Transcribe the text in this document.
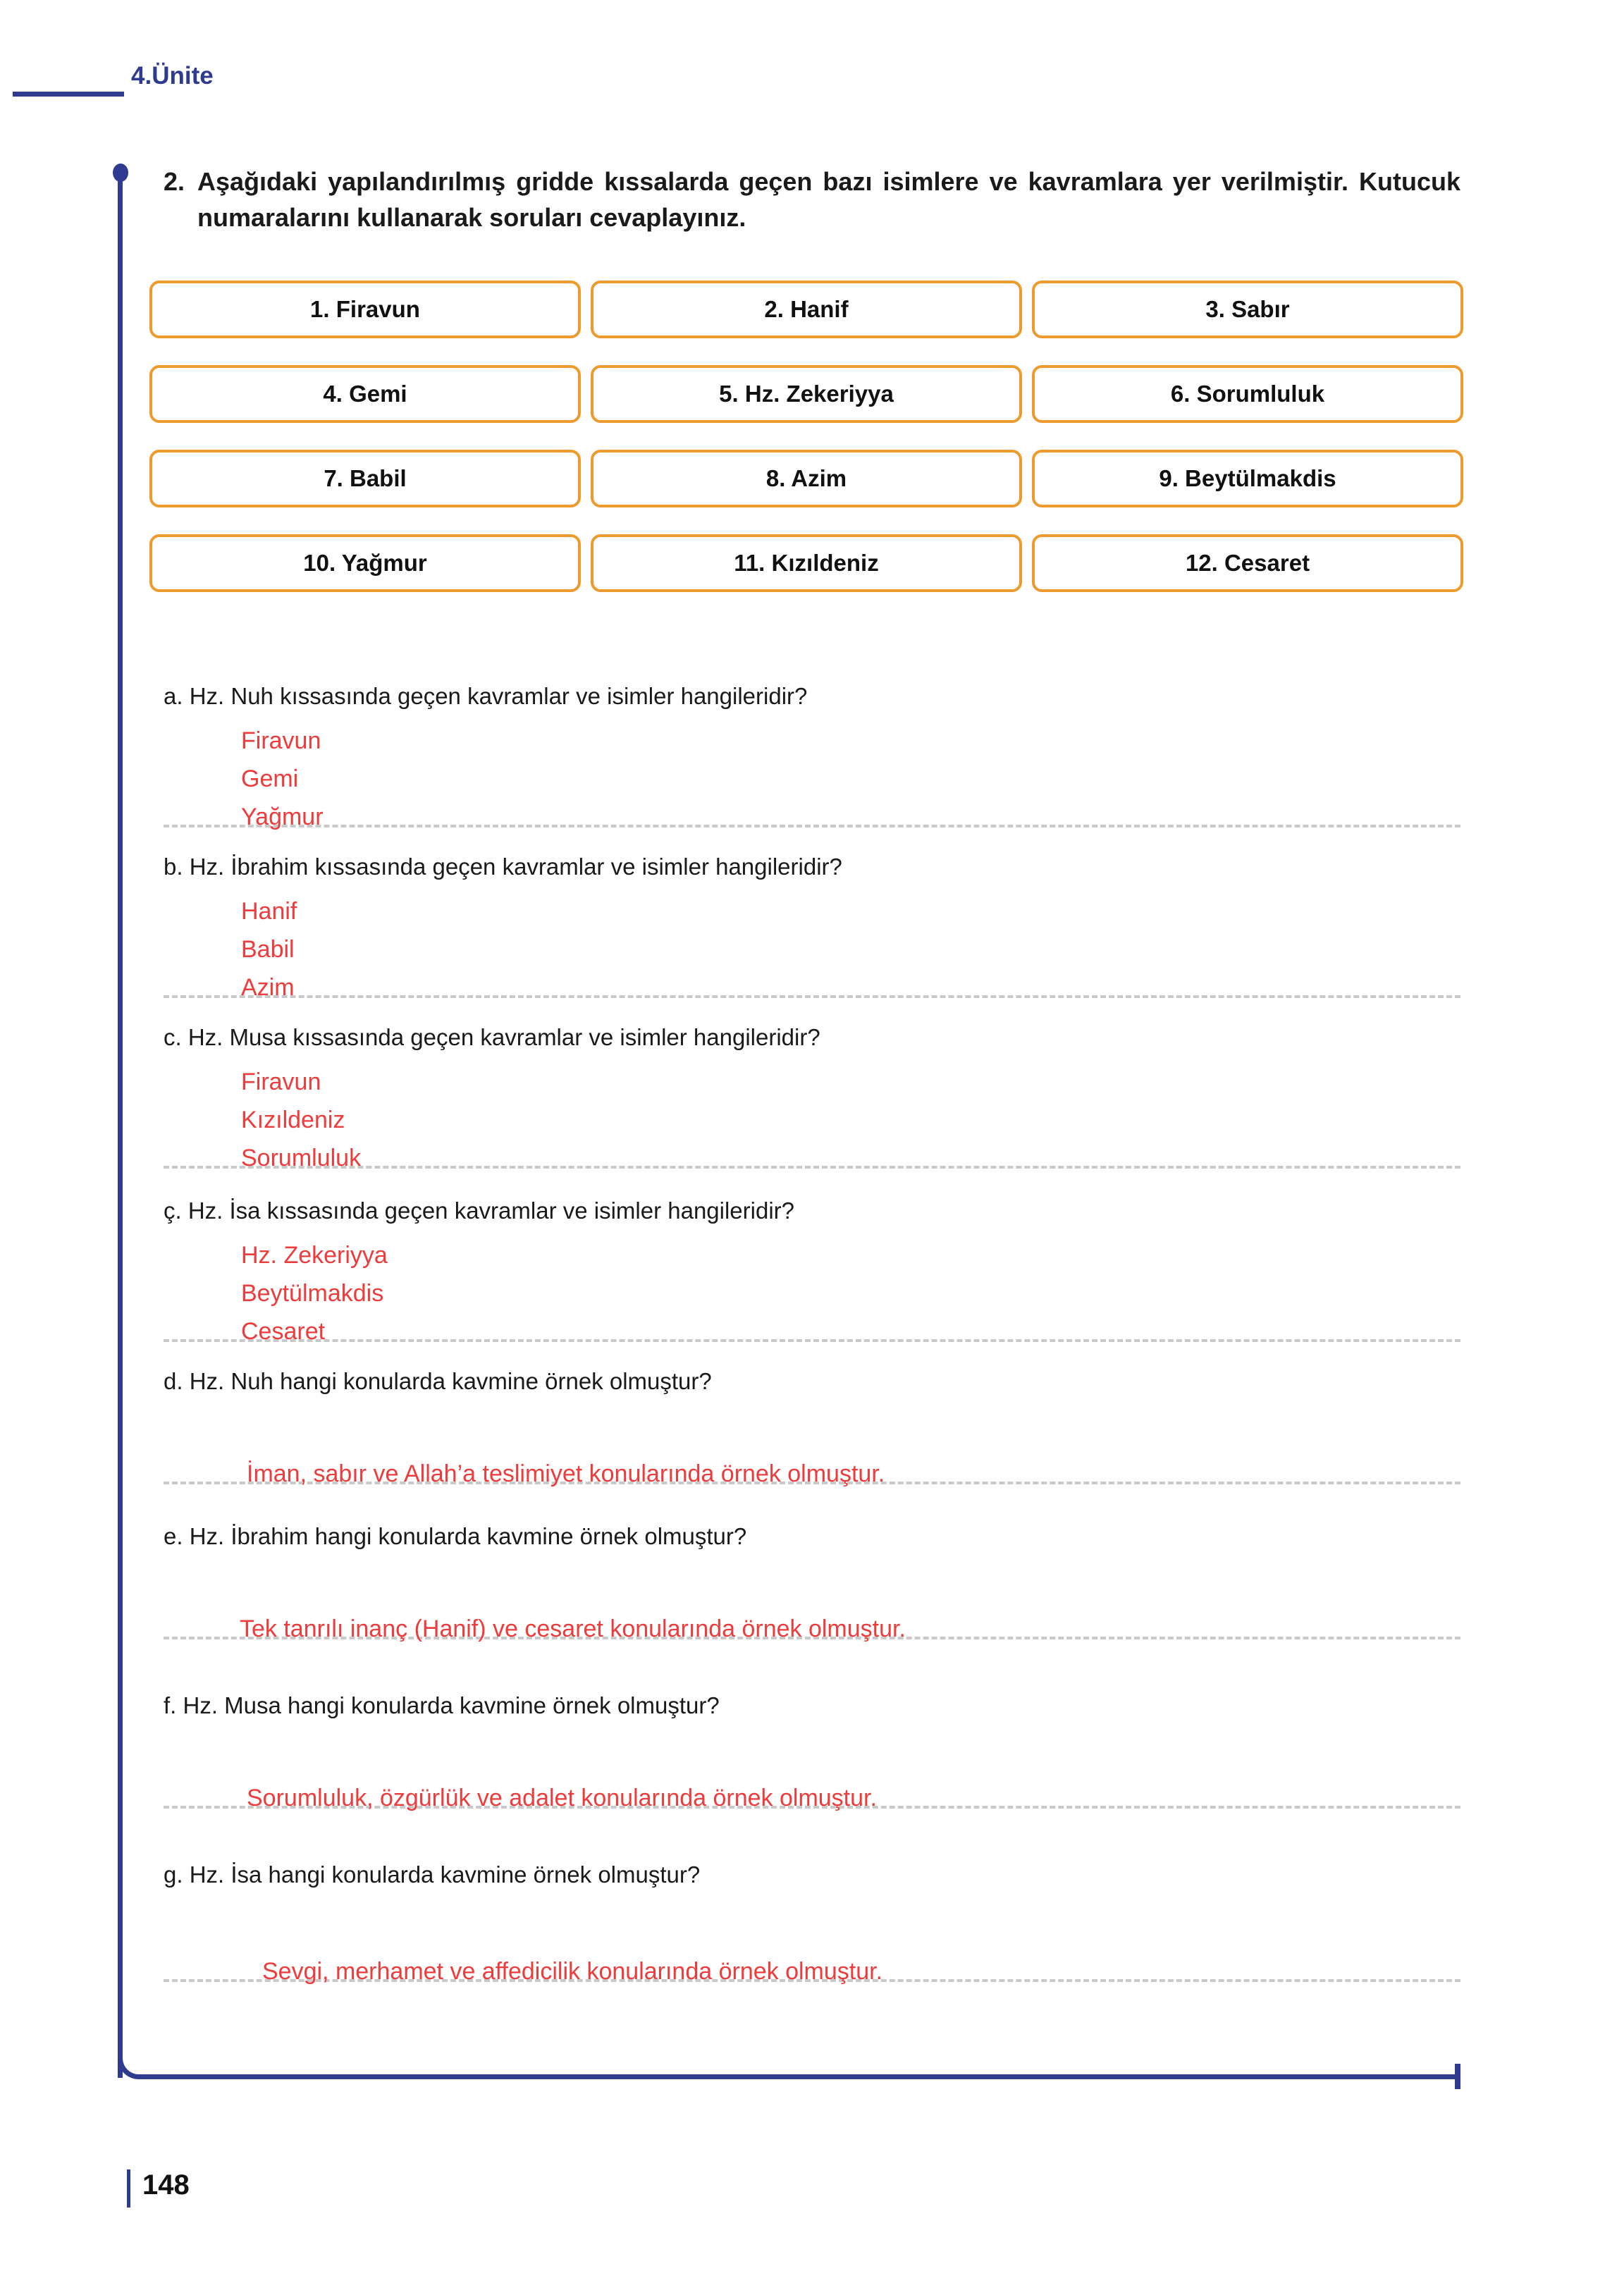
4.Ünite
2. Aşağıdaki yapılandırılmış gridde kıssalarda geçen bazı isimlere ve kavramlara yer verilmiştir. Kutucuk numaralarını kullanarak soruları cevaplayınız.
1. Firavun	2. Hanif	3. Sabır
4. Gemi	5. Hz. Zekeriyya	6. Sorumluluk
7. Babil	8. Azim	9. Beytülmakdis
10. Yağmur	11. Kızıldeniz	12. Cesaret
a. Hz. Nuh kıssasında geçen kavramlar ve isimler hangileridir?
Firavun
Gemi
Yağmur
b. Hz. İbrahim kıssasında geçen kavramlar ve isimler hangileridir?
Hanif
Babil
Azim
c. Hz. Musa kıssasında geçen kavramlar ve isimler hangileridir?
Firavun
Kızıldeniz
Sorumluluk
ç. Hz. İsa kıssasında geçen kavramlar ve isimler hangileridir?
Hz. Zekeriyya
Beytülmakdis
Cesaret
d. Hz. Nuh hangi konularda kavmine örnek olmuştur?
İman, sabır ve Allah’a teslimiyet konularında örnek olmuştur.
e. Hz. İbrahim hangi konularda kavmine örnek olmuştur?
Tek tanrılı inanç (Hanif) ve cesaret konularında örnek olmuştur.
f. Hz. Musa hangi konularda kavmine örnek olmuştur?
Sorumluluk, özgürlük ve adalet konularında örnek olmuştur.
g. Hz. İsa hangi konularda kavmine örnek olmuştur?
Sevgi, merhamet ve affedicilik konularında örnek olmuştur.
148
